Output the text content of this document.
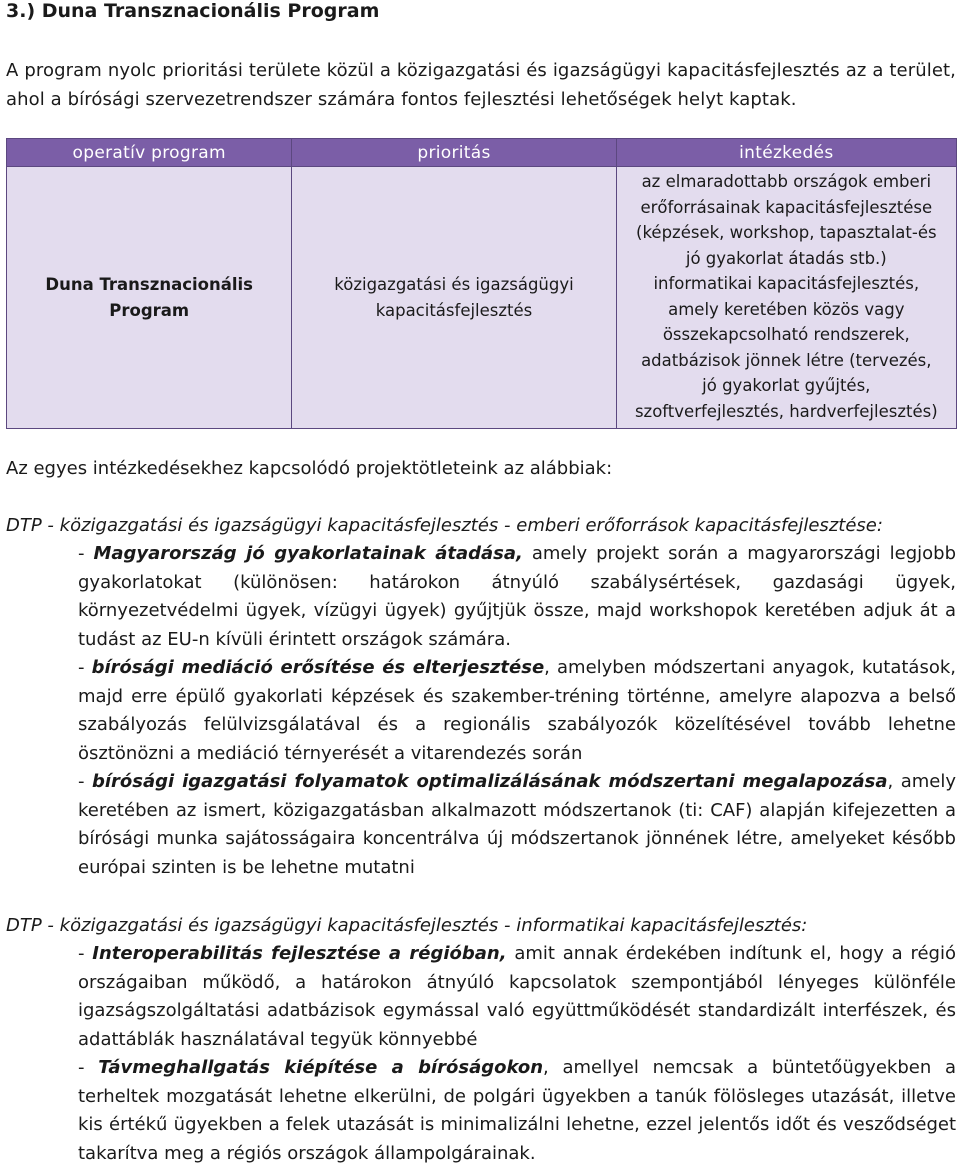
3.) Duna Transznacionális Program

A program nyolc prioritási területe közül a közigazgatási és igazságügyi kapacitásfejlesztés az a terület, ahol a bírósági szervezetrendszer számára fontos fejlesztési lehetőségek helyt kaptak.

operatív program	prioritás	intézkedés
Duna Transznacionális Program	közigazgatási és igazságügyi kapacitásfejlesztés	az elmaradottabb országok emberi erőforrásainak kapacitásfejlesztése (képzések, workshop, tapasztalat-és jó gyakorlat átadás stb.)
informatikai kapacitásfejlesztés, amely keretében közös vagy összekapcsolható rendszerek, adatbázisok jönnek létre (tervezés, jó gyakorlat gyűjtés, szoftverfejlesztés, hardverfejlesztés)
Az egyes intézkedésekhez kapcsolódó projektötleteink az alábbiak:
DTP - közigazgatási és igazságügyi kapacitásfejlesztés - emberi erőforrások kapacitásfejlesztése:
- Magyarország jó gyakorlatainak átadása, amely projekt során a magyarországi legjobb gyakorlatokat (különösen: határokon átnyúló szabálysértések, gazdasági ügyek, környezetvédelmi ügyek, vízügyi ügyek) gyűjtjük össze, majd workshopok keretében adjuk át a tudást az EU-n kívüli érintett országok számára.
- bírósági mediáció erősítése és elterjesztése, amelyben módszertani anyagok, kutatások, majd erre épülő gyakorlati képzések és szakember-tréning történne, amelyre alapozva a belső szabályozás felülvizsgálatával és a regionális szabályozók közelítésével tovább lehetne ösztönözni a mediáció térnyerését a vitarendezés során
- bírósági igazgatási folyamatok optimalizálásának módszertani megalapozása, amely keretében az ismert, közigazgatásban alkalmazott módszertanok (ti: CAF) alapján kifejezetten a bírósági munka sajátosságaira koncentrálva új módszertanok jönnének létre, amelyeket később európai szinten is be lehetne mutatni
DTP - közigazgatási és igazságügyi kapacitásfejlesztés - informatikai kapacitásfejlesztés:
- Interoperabilitás fejlesztése a régióban, amit annak érdekében indítunk el, hogy a régió országaiban működő, a határokon átnyúló kapcsolatok szempontjából lényeges különféle igazságszolgáltatási adatbázisok egymással való együttműködését standardizált interfészek, és adattáblák használatával tegyük könnyebbé
- Távmeghallgatás kiépítése a bíróságokon, amellyel nemcsak a büntetőügyekben a terheltek mozgatását lehetne elkerülni, de polgári ügyekben a tanúk fölösleges utazását, illetve kis értékű ügyekben a felek utazását is minimalizálni lehetne, ezzel jelentős időt és vesződséget takarítva meg a régiós országok állampolgárainak.
